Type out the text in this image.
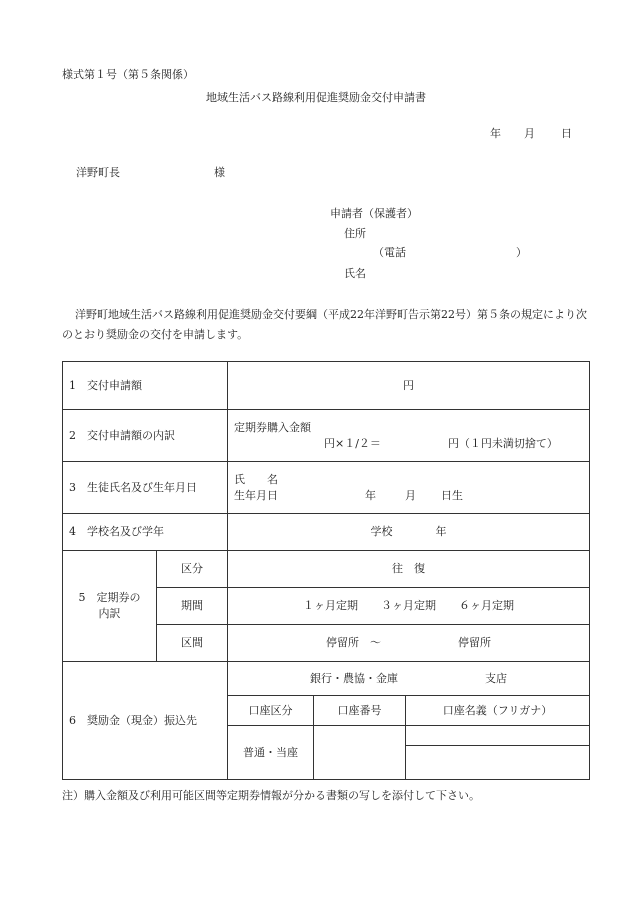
様式第１号（第５条関係）
地域生活バス路線利用促進奨励金交付申請書
年 月 日
洋野町長	様
申請者（保護者）
住所
（電話	）
氏名
洋野町地域生活バス路線利用促進奨励金交付要綱（平成22年洋野町告示第22号）第５条の規定により次のとおり奨励金の交付を申請します。
1　交付申請額		円		
2　交付申請額の内訳		定期券購入金額
円×１/２＝ 円（１円未満切捨て）		

3　生徒氏名及び生年月日		氏　　名
生年月日 年 月 日生		

4　学校名及び学年		学校 年		

5　定期券の
内訳	区分	往　復		
	期間	１ヶ月定期 ３ヶ月定期 ６ヶ月定期		
	区間	停留所　～ 停留所		
6　奨励金（現金）振込先		銀行・農協・金庫 支店		
		口座区分	口座番号	口座名義（フリガナ）
		普通・当座		

注）購入金額及び利用可能区間等定期券情報が分かる書類の写しを添付して下さい。
